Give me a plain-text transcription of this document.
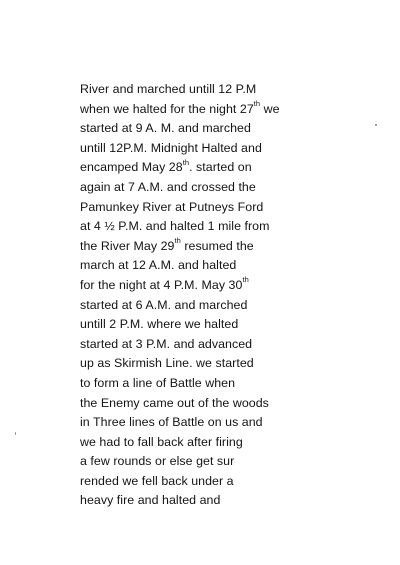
River and marched untill 12 P.M
when we halted for the night 27th we
started at 9 A. M. and marched
untill 12P.M. Midnight Halted and
encamped May 28th. started on
again at 7 A.M. and crossed the
Pamunkey River at Putneys Ford
at 4 ½ P.M. and halted 1 mile from
the River May 29th resumed the
march at 12 A.M. and halted
for the night at 4 P.M. May 30th
started at 6 A.M. and marched
untill 2 P.M. where we halted
started at 3 P.M. and advanced
up as Skirmish Line. we started
to form a line of Battle when
the Enemy came out of the woods
in Three lines of Battle on us and
we had to fall back after firing
a few rounds or else get sur
rended we fell back under a
heavy fire and halted and
